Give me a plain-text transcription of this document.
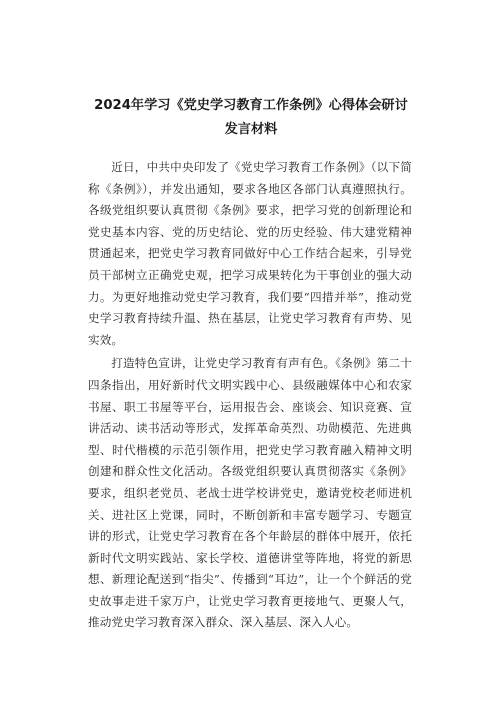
2024年学习《党史学习教育工作条例》心得体会研讨发言材料

近日，中共中央印发了《党史学习教育工作条例》（以下简称《条例》），并发出通知，要求各地区各部门认真遵照执行。各级党组织要认真贯彻《条例》要求，把学习党的创新理论和党史基本内容、党的历史结论、党的历史经验、伟大建党精神贯通起来，把党史学习教育同做好中心工作结合起来，引导党员干部树立正确党史观，把学习成果转化为干事创业的强大动力。为更好地推动党史学习教育，我们要“四措并举”，推动党史学习教育持续升温、热在基层，让党史学习教育有声势、见实效。

打造特色宣讲，让党史学习教育有声有色。《条例》第二十四条指出，用好新时代文明实践中心、县级融媒体中心和农家书屋、职工书屋等平台，运用报告会、座谈会、知识竞赛、宣讲活动、读书活动等形式，发挥革命英烈、功勋模范、先进典型、时代楷模的示范引领作用，把党史学习教育融入精神文明创建和群众性文化活动。各级党组织要认真贯彻落实《条例》要求，组织老党员、老战士进学校讲党史，邀请党校老师进机关、进社区上党课，同时，不断创新和丰富专题学习、专题宣讲的形式，让党史学习教育在各个年龄层的群体中展开，依托新时代文明实践站、家长学校、道德讲堂等阵地，将党的新思想、新理论配送到“指尖”、传播到“耳边”，让一个个鲜活的党史故事走进千家万户，让党史学习教育更接地气、更聚人气，推动党史学习教育深入群众、深入基层、深入人心。
